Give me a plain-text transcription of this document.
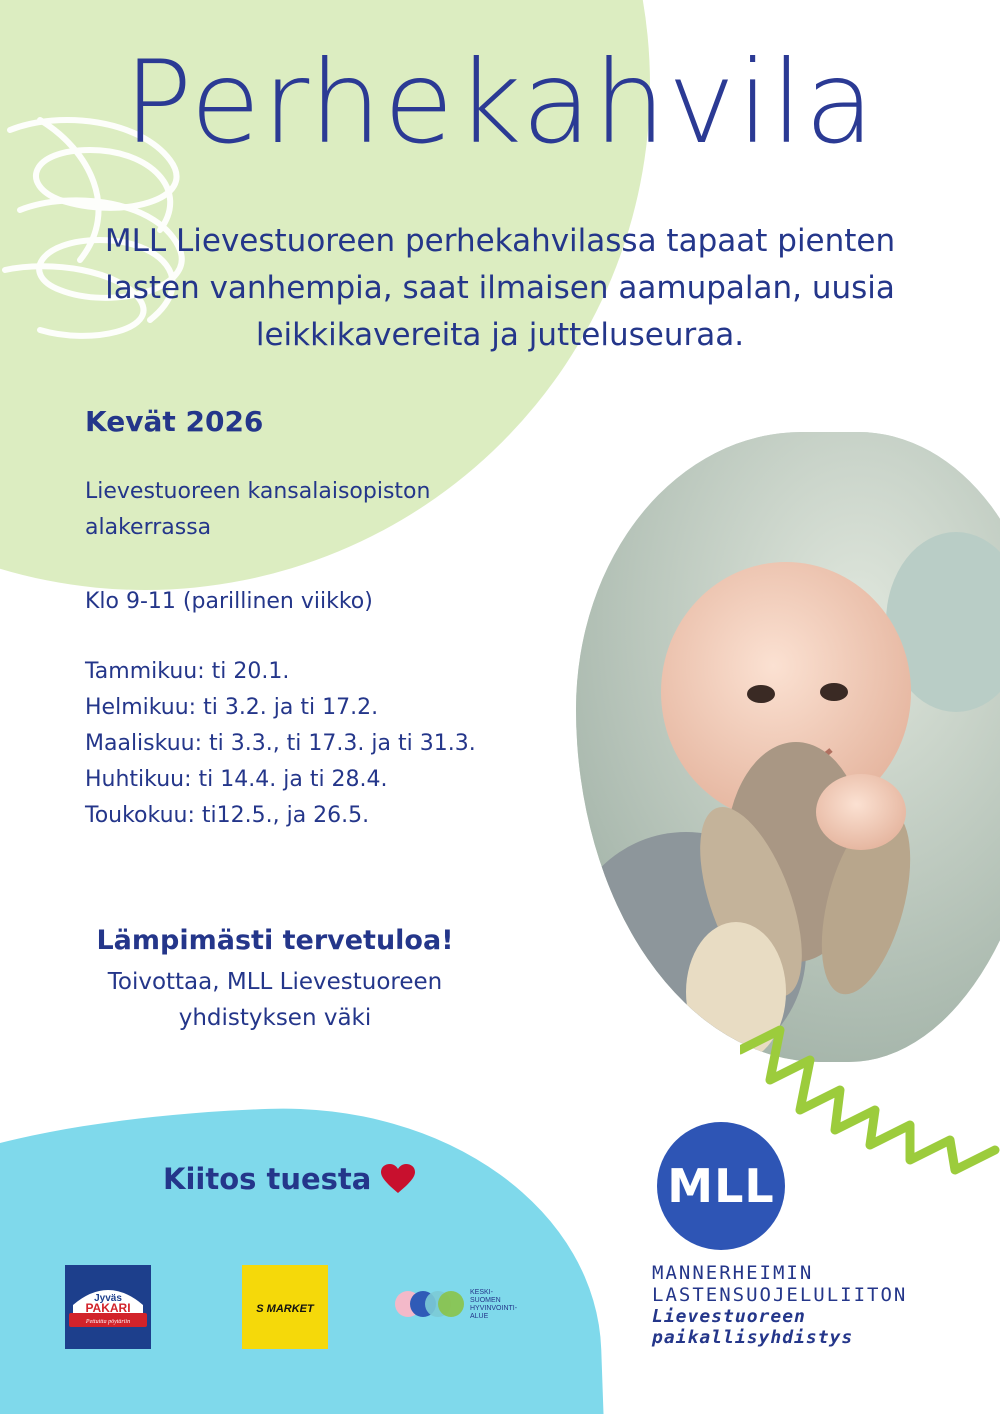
Perhekahvila
MLL Lievestuoreen perhekahvilassa tapaat pienten lasten vanhempia, saat ilmaisen aamupalan, uusia leikkikavereita ja jutteluseuraa.
Kevät 2026
Lievestuoreen kansalaisopiston alakerrassa
Klo 9-11 (parillinen viikko)
Tammikuu: ti 20.1.
Helmikuu: ti 3.2. ja ti 17.2.
Maaliskuu: ti 3.3., ti 17.3. ja ti 31.3.
Huhtikuu: ti 14.4. ja ti 28.4.
Toukokuu: ti12.5., ja 26.5.
Lämpimästi tervetuloa!
Toivottaa, MLL Lievestuoreen
yhdistyksen väki
Kiitos tuesta
Jyväs
PAKARI
Pettuitta pöytäriin
S MARKET
KESKI-
SUOMEN
HYVINVOINTI-
ALUE
MLL
MANNERHEIMIN
LASTENSUOJELULIITON
Lievestuoreen
paikallisyhdistys
